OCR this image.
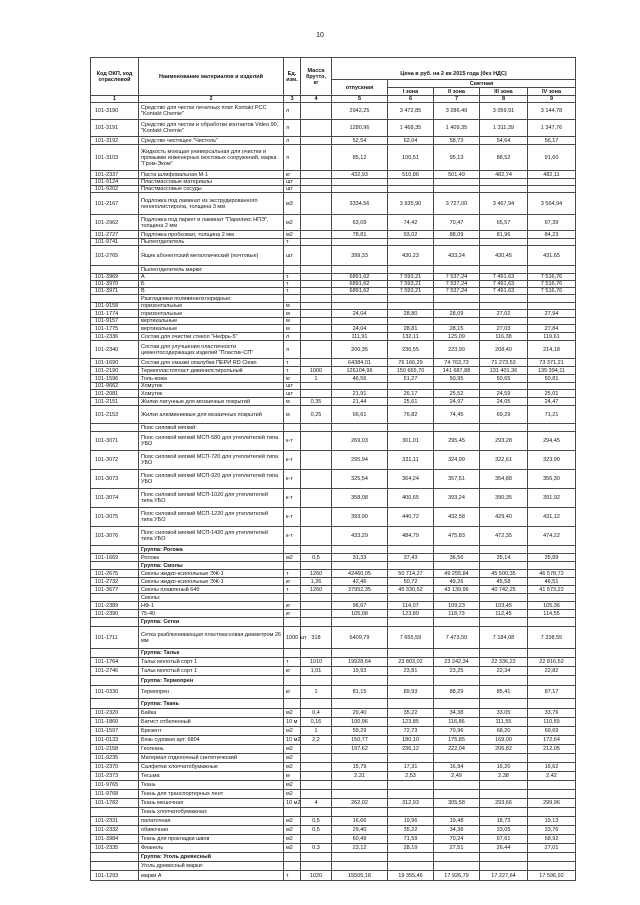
10
Код ОКП, код отраслевой	Наименование материалов и изделий	Ед. изм.	Масса брутто, кг	Цена в руб. на 2 кв 2015 года (без НДС)				
				отпускная	Сметная			
					I зона	II зона	III зона	IV зона
1	2	3	4	5	6	7	8	9
101-3190	Средство для чистки печатных плат Kontakt PCC "Kontakt Chemie"	л		2942,25	3 472,85	3 286,49	3 059,91	3 144,78
101-3191	Средство для чистки и обработки контактов Video 90, "Kontakt Chemie"	л		1280,96	1 468,35	1 409,35	1 311,39	1 347,76
101-3192	Средство чистящее "Чистоль"	л		52,54	62,04	58,73	54,64	56,17
101-3103	Жидкость моющая универсальная для очистки и промывки инженерных мостовых сооружений, марка "Гром-Эком"	л		85,12	100,51	95,13	88,52	91,60
101-2337	Паста шлифовальная М-1	кг		432,93	510,86	501,49	482,74	482,11
101-9124	Пластмассовые материалы	шт						
101-9202	Пластмассовые сосуды	шт						
101-2167	Подложка под ламинат из экструдированного пенополистирола, толщина 3 мм	м3		3334,56	3 935,90	3 727,00	3 467,94	3 564,94
101-2962	Подложка под паркет и ламинат "Парилекс НПЭ", толщина 2 мм	м2		63,09	74,42	70,47	65,57	67,39
101-2727	Подложка пробковая, толщина 2 мм	м2		78,81	93,02	88,09	81,96	84,23
101-9741	Пылеотделитель	т						
101-2765	Ящик абонентский металлический (почтовые)	шт		399,33	430,23	433,24	430,45	431,65
	Пылеотделитель марки:							
101-3969	А	т		6891,62	7 593,21	7 537,24	7 491,63	7 516,76
101-3970	Б	т		6891,62	7 593,21	7 537,24	7 491,63	7 516,76
101-3971	В	т		6891,62	7 593,21	7 537,24	7 491,63	7 516,76
	Разгладчики поливинилхлоридные:							
101-9158	горизонтальные	м						
101-1774	горизонтальные	м		24,04	28,80	28,09	27,02	27,94
101-9157	вертикальные	м						
101-1775	вертикальные	м		24,04	28,81	28,15	27,03	27,84
101-2336	Состав для очистки стекол "Нефрь-5"	л		111,91	132,11	125,09	116,38	119,61
101-2340	Состав для улучшения пластичности цементосодержащих изделий "Пластик-СП"	л		200,35	236,55	223,99	208,40	214,18
101-1690	Состав для смазки опалубки ПЕРИ RD Clean	т		64384,01	76 166,29	74 763,73	71 273,53	73 371,21
101-2190	Термопластопласт дивинилстирольный	т	1000	126104,96	150 665,70	141 687,88	131 401,36	135 394,11
101-1596	Толь-кожа	кг	1	46,56	51,27	50,95	50,65	50,81
101-9662	Хомутик	шт						
101-2081	Хомутик	шт		21,91	26,17	25,52	24,59	25,01
101-2151	Жилки латунные для мозаичных покрытий	м	0,35	21,44	25,61	24,97	24,05	24,47
101-2153	Жилки алюминиевые для мозаичных покрытий	м	0,25	66,61	76,82	74,45	69,29	71,21
	Пояс силовой мягкий:							
101-3071	Пояс силовой мягкий МСП-580 для утеплителей типа УБО	к-т		269,03	301,01	295,45	293,28	294,45
101-3072	Пояс силовой мягкий МСП-720 для утеплителей типа УБО	к-т		295,94	331,11	324,99	322,61	323,90
101-3073	Пояс силовой мягкий МСП-920 для утеплителей типа УБО	к-т		325,54	364,24	357,51	354,88	356,30
101-3074	Пояс силовой мягкий МСП-1020 для утеплителей типа УБО	к-т		358,08	400,65	393,24	390,35	391,92
101-3075	Пояс силовой мягкий МСП-1220 для утеплителей типа УБО	к-т		393,90	440,72	432,58	429,40	431,12
101-3076	Пояс силовой мягкий МСП-1420 для утеплителей типа УБО	к-т		433,29	484,79	475,83	472,35	474,22
	Группа: Рогожа							
101-1669	Рогожа	м2	0,5	31,33	37,43	36,56	35,14	35,89
	Группа: Смолы							
101-2675	Смолы жидко-ксилольные ЭЖ-1	т	1260	42460,05	50 714,27	49 255,84	45 500,35	46 578,72
101-2732	Смолы жидко-ксилольные ЭЖ-1	кг	1,26	42,46	50,72	49,26	45,58	46,51
101-3677	Смолы плавленый 64б	т	1260	37952,35	45 330,52	43 139,96	40 742,25	41 573,22
	Смолы:							
101-2389	НФ-1	кг		96,67	114,07	109,23	103,45	105,36
101-2390	75-40	кг		105,08	123,89	118,73	112,45	114,55
	Группа: Сетки							
101-1711	Сетка разблюнивающая пластмассовая диаметром 26 мм	1000 шт	318	6409,79	7 655,59	7 473,50	7 184,08	7 338,55
	Группа: Тальк							
101-1764	Тальк молотый сорт 1	т	1010	19928,64	23 803,02	23 242,34	22 336,22	22 816,52
101-2746	Тальк молотый сорт 1	кг	1,01	19,93	23,81	23,25	22,34	22,82
	Группа: Термопрен							
101-0330	Термопрен	кг	1	81,15	89,93	88,29	85,41	87,17
	Группа: Ткань							
101-2320	Байка	м2	0,4	29,40	35,22	34,38	33,05	33,76
101-1860	Батист отбеленный	10 м	0,16	100,96	123,85	116,86	111,55	110,59
101-1597	Брезент	м2	1	59,29	72,73	70,96	68,20	69,69
101-0133	Бязь суровая арт. 6804	10 м2	2,2	150,77	180,10	175,85	169,00	172,64
101-2158	Геоткань	м2		197,62	236,12	222,04	206,82	212,05
101-9235	Материал отделочный синтетический	м2						
101-2370	Салфетки хлопчатобумажные	м2		15,79	17,31	16,94	16,20	16,62
101-2373	Тесьма	м		2,31	2,53	2,49	2,38	2,42
101-9765	Ткань	м2						
101-9768	Ткань для транспортерных лент	м2						
101-1782	Ткань мешочная	10 м2	4	262,02	312,93	305,58	293,66	299,96
	Ткань хлопчатобумажная:							
101-2331	палаточная	м2	0,5	16,66	19,96	19,48	18,73	19,13
101-2332	обивочная	м2	0,5	29,40	35,22	34,38	33,05	33,76
101-3984	Ткань для прокладки швов	м2		60,49	71,59	70,24	67,61	68,92
101-2335	Фланель	м2	0,3	23,12	28,19	27,51	26,44	27,01
	Группа: Уголь древесный							
	Уголь древесный марки:							
101-1293	марки А	т	1020	15505,18	19 355,46	17 926,79	17 227,64	17 596,92
